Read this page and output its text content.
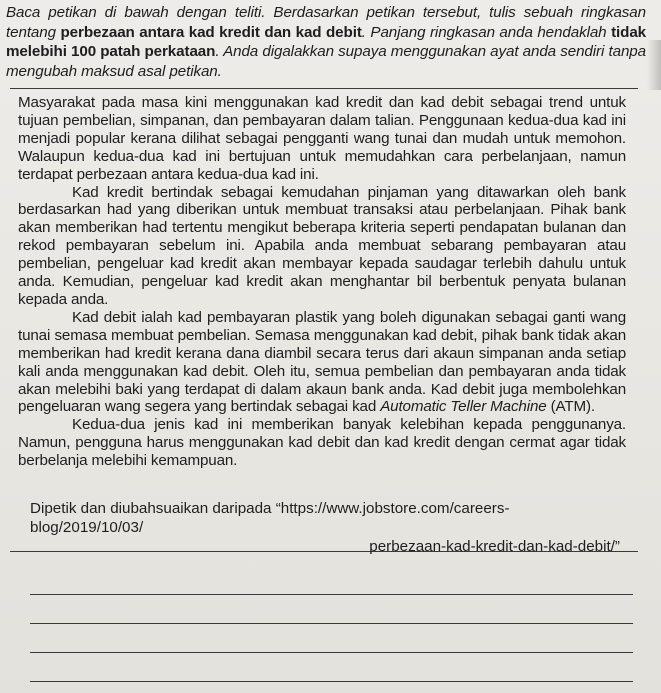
Baca petikan di bawah dengan teliti. Berdasarkan petikan tersebut, tulis sebuah ringkasan tentang perbezaan antara kad kredit dan kad debit. Panjang ringkasan anda hendaklah tidak melebihi 100 patah perkataan. Anda digalakkan supaya menggunakan ayat anda sendiri tanpa mengubah maksud asal petikan.

Masyarakat pada masa kini menggunakan kad kredit dan kad debit sebagai trend untuk tujuan pembelian, simpanan, dan pembayaran dalam talian. Penggunaan kedua-dua kad ini menjadi popular kerana dilihat sebagai pengganti wang tunai dan mudah untuk memohon. Walaupun kedua-dua kad ini bertujuan untuk memudahkan cara perbelanjaan, namun terdapat perbezaan antara kedua-dua kad ini.

Kad kredit bertindak sebagai kemudahan pinjaman yang ditawarkan oleh bank berdasarkan had yang diberikan untuk membuat transaksi atau perbelanjaan. Pihak bank akan memberikan had tertentu mengikut beberapa kriteria seperti pendapatan bulanan dan rekod pembayaran sebelum ini. Apabila anda membuat sebarang pembayaran atau pembelian, pengeluar kad kredit akan membayar kepada saudagar terlebih dahulu untuk anda. Kemudian, pengeluar kad kredit akan menghantar bil berbentuk penyata bulanan kepada anda.

Kad debit ialah kad pembayaran plastik yang boleh digunakan sebagai ganti wang tunai semasa membuat pembelian. Semasa menggunakan kad debit, pihak bank tidak akan memberikan had kredit kerana dana diambil secara terus dari akaun simpanan anda setiap kali anda menggunakan kad debit. Oleh itu, semua pembelian dan pembayaran anda tidak akan melebihi baki yang terdapat di dalam akaun bank anda. Kad debit juga membolehkan pengeluaran wang segera yang bertindak sebagai kad Automatic Teller Machine (ATM).

Kedua-dua jenis kad ini memberikan banyak kelebihan kepada penggunanya. Namun, pengguna harus menggunakan kad debit dan kad kredit dengan cermat agar tidak berbelanja melebihi kemampuan.

Dipetik dan diubahsuaikan daripada “https://www.jobstore.com/careers-blog/2019/10/03/
perbezaan-kad-kredit-dan-kad-debit/”
